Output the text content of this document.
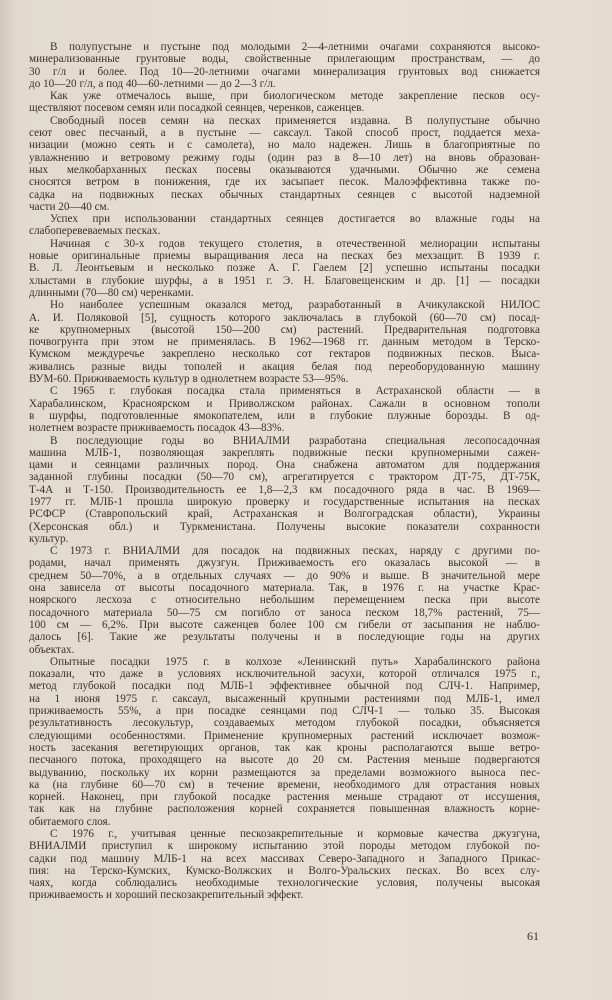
В полупустыне и пустыне под молодыми 2—4-летними очагами сохраняются высоко-
минерализованные грунтовые воды, свойственные прилегающим пространствам, — до
30 г/л и более. Под 10—20-летними очагами минерализация грунтовых вод снижается
до 10—20 г/л, а под 40—60-летними — до 2—3 г/л.
Как уже отмечалось выше, при биологическом методе закрепление песков осу-
ществляют посевом семян или посадкой сеянцев, черенков, саженцев.
Свободный посев семян на песках применяется издавна. В полупустыне обычно
сеют овес песчаный, а в пустыне — саксаул. Такой способ прост, поддается меха-
низации (можно сеять и с самолета), но мало надежен. Лишь в благоприятные по
увлажнению и ветровому режиму годы (один раз в 8—10 лет) на вновь образован-
ных мелкобарханных песках посевы оказываются удачными. Обычно же семена
сносятся ветром в понижения, где их засыпает песок. Малоэффективна также по-
садка на подвижных песках обычных стандартных сеянцев с высотой надземной
части 20—40 см.
Успех при использовании стандартных сеянцев достигается во влажные годы на
слабоперевеваемых песках.
Начиная с 30-х годов текущего столетия, в отечественной мелиорации испытаны
новые оригинальные приемы выращивания леса на песках без мехзащит. В 1939 г.
В. Л. Леонтьевым и несколько позже А. Г. Гаелем [2] успешно испытаны посадки
хлыстами в глубокие шурфы, а в 1951 г. Э. Н. Благовещенским и др. [1] — посадки
длинными (70—80 см) черенками.
Но наиболее успешным оказался метод, разработанный в Ачикулакской НИЛОС
А. И. Поляковой [5], сущность которого заключалась в глубокой (60—70 см) посад-
ке крупномерных (высотой 150—200 см) растений. Предварительная подготовка
почвогрунта при этом не применялась. В 1962—1968 гг. данным методом в Терско-
Кумском междуречье закреплено несколько сот гектаров подвижных песков. Выса-
живались разные виды тополей и акация белая под переоборудованную машину
ВУМ-60. Приживаемость культур в однолетнем возрасте 53—95%.
С 1965 г. глубокая посадка стала применяться в Астраханской области — в
Харабалинском, Красноярском и Приволжском районах. Сажали в основном тополи
в шурфы, подготовленные ямокопателем, или в глубокие плужные борозды. В од-
нолетнем возрасте приживаемость посадок 43—83%.
В последующие годы во ВНИАЛМИ разработана специальная лесопосадочная
машина МЛБ-1, позволяющая закреплять подвижные пески крупномерными сажен-
цами и сеянцами различных пород. Она снабжена автоматом для поддержания
заданной глубины посадки (50—70 см), агрегатируется с трактором ДТ-75, ДТ-75К,
Т-4А и Т-150. Производительность ее 1,8—2,3 км посадочного ряда в час. В 1969—
1977 гг. МЛБ-1 прошла широкую проверку и государственные испытания на песках
РСФСР (Ставропольский край, Астраханская и Волгоградская области), Украины
(Херсонская обл.) и Туркменистана. Получены высокие показатели сохранности
культур.
С 1973 г. ВНИАЛМИ для посадок на подвижных песках, наряду с другими по-
родами, начал применять джузгун. Приживаемость его оказалась высокой — в
среднем 50—70%, а в отдельных случаях — до 90% и выше. В значительной мере
она зависела от высоты посадочного материала. Так, в 1976 г. на участке Крас-
ноярского лесхоза с относительно небольшим перемещением песка при высоте
посадочного материала 50—75 см погибло от заноса песком 18,7% растений, 75—
100 см — 6,2%. При высоте саженцев более 100 см гибели от засыпания не наблю-
далось [6]. Такие же результаты получены и в последующие годы на других
объектах.
Опытные посадки 1975 г. в колхозе «Ленинский путь» Харабалинского района
показали, что даже в условиях исключительной засухи, которой отличался 1975 г.,
метод глубокой посадки под МЛБ-1 эффективнее обычной под СЛЧ-1. Например,
на 1 июня 1975 г. саксаул, высаженный крупными растениями под МЛБ-1, имел
приживаемость 55%, а при посадке сеянцами под СЛЧ-1 — только 35. Высокая
результативность лесокультур, создаваемых методом глубокой посадки, объясняется
следующими особенностями. Применение крупномерных растений исключает возмож-
ность засекания вегетирующих органов, так как кроны располагаются выше ветро-
песчаного потока, проходящего на высоте до 20 см. Растения меньше подвергаются
выдуванию, поскольку их корни размещаются за пределами возможного выноса пес-
ка (на глубине 60—70 см) в течение времени, необходимого для отрастания новых
корней. Наконец, при глубокой посадке растения меньше страдают от иссушения,
так как на глубине расположения корней сохраняется повышенная влажность корне-
обитаемого слоя.
С 1976 г., учитывая ценные пескозакрепительные и кормовые качества джузгуна,
ВНИАЛМИ приступил к широкому испытанию этой породы методом глубокой по-
садки под машину МЛБ-1 на всех массивах Северо-Западного и Западного Прикас-
пия: на Терско-Кумских, Кумско-Волжских и Волго-Уральских песках. Во всех слу-
чаях, когда соблюдались необходимые технологические условия, получены высокая
приживаемость и хороший пескозакрепительный эффект.
61
